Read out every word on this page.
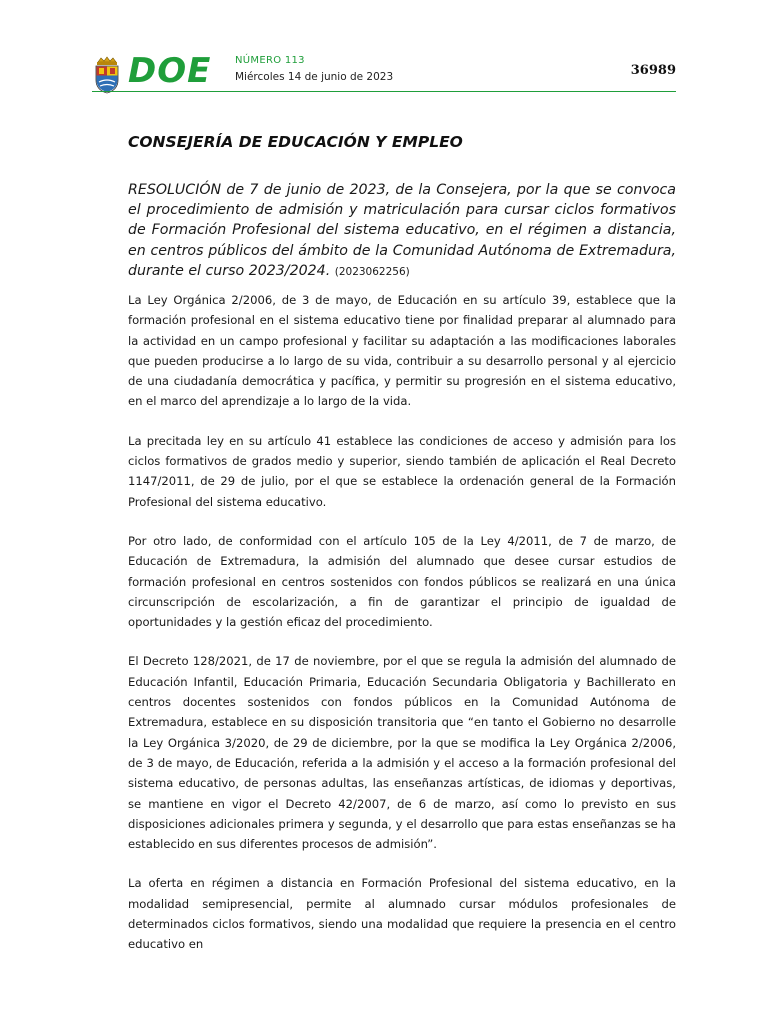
DOE NÚMERO 113
Miércoles 14 de junio de 2023	36989
CONSEJERÍA DE EDUCACIÓN Y EMPLEO

RESOLUCIÓN de 7 de junio de 2023, de la Consejera, por la que se convoca el procedimiento de admisión y matriculación para cursar ciclos formativos de Formación Profesional del sistema educativo, en el régimen a distancia, en centros públicos del ámbito de la Comunidad Autónoma de Extremadura, durante el curso 2023/2024. (2023062256)

La Ley Orgánica 2/2006, de 3 de mayo, de Educación en su artículo 39, establece que la formación profesional en el sistema educativo tiene por finalidad preparar al alumnado para la actividad en un campo profesional y facilitar su adaptación a las modificaciones laborales que pueden producirse a lo largo de su vida, contribuir a su desarrollo personal y al ejercicio de una ciudadanía democrática y pacífica, y permitir su progresión en el sistema educativo, en el marco del aprendizaje a lo largo de la vida.

La precitada ley en su artículo 41 establece las condiciones de acceso y admisión para los ciclos formativos de grados medio y superior, siendo también de aplicación el Real Decreto 1147/2011, de 29 de julio, por el que se establece la ordenación general de la Formación Profesional del sistema educativo.

Por otro lado, de conformidad con el artículo 105 de la Ley 4/2011, de 7 de marzo, de Educación de Extremadura, la admisión del alumnado que desee cursar estudios de formación profesional en centros sostenidos con fondos públicos se realizará en una única circunscripción de escolarización, a fin de garantizar el principio de igualdad de oportunidades y la gestión eficaz del procedimiento.

El Decreto 128/2021, de 17 de noviembre, por el que se regula la admisión del alumnado de Educación Infantil, Educación Primaria, Educación Secundaria Obligatoria y Bachillerato en centros docentes sostenidos con fondos públicos en la Comunidad Autónoma de Extremadura, establece en su disposición transitoria que “en tanto el Gobierno no desarrolle la Ley Orgánica 3/2020, de 29 de diciembre, por la que se modifica la Ley Orgánica 2/2006, de 3 de mayo, de Educación, referida a la admisión y el acceso a la formación profesional del sistema educativo, de personas adultas, las enseñanzas artísticas, de idiomas y deportivas, se mantiene en vigor el Decreto 42/2007, de 6 de marzo, así como lo previsto en sus disposiciones adicionales primera y segunda, y el desarrollo que para estas enseñanzas se ha establecido en sus diferentes procesos de admisión”.

La oferta en régimen a distancia en Formación Profesional del sistema educativo, en la modalidad semipresencial, permite al alumnado cursar módulos profesionales de determinados ciclos formativos, siendo una modalidad que requiere la presencia en el centro educativo en
